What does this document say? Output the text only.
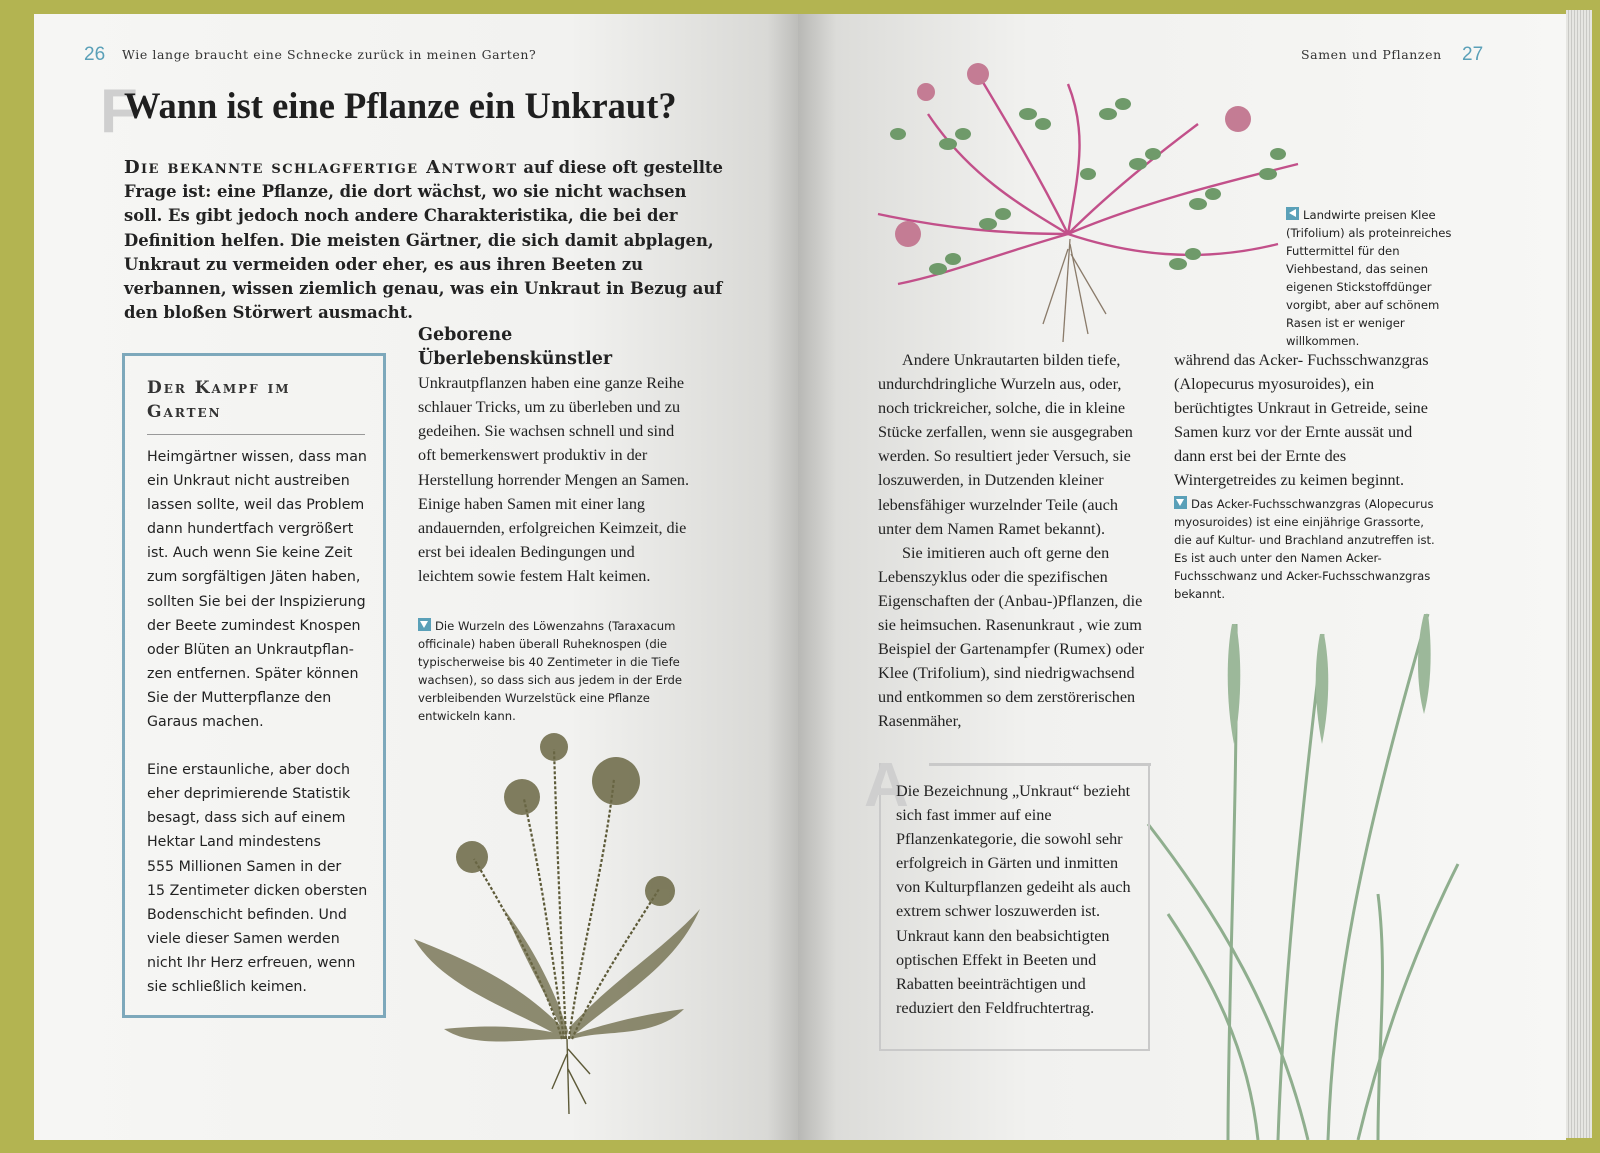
26 Wie lange braucht eine Schnecke zurück in meinen Garten?
F
Wann ist eine Pflanze ein Unkraut?
Die bekannte schlagfertige Antwort auf diese oft gestellte Frage ist: eine Pflanze, die dort wächst, wo sie nicht wachsen soll. Es gibt jedoch noch andere Charakteristika, die bei der Definition helfen. Die meisten Gärtner, die sich damit abplagen, Unkraut zu vermeiden oder eher, es aus ihren Beeten zu verbannen, wissen ziemlich genau, was ein Unkraut in Bezug auf den bloßen Störwert ausmacht.
Der Kampf im Garten
Heimgärtner wissen, dass man
ein Unkraut nicht austreiben
lassen sollte, weil das Problem
dann hundertfach vergrößert
ist. Auch wenn Sie keine Zeit
zum sorgfältigen Jäten haben,
sollten Sie bei der Inspizierung
der Beete zumindest Knospen
oder Blüten an Unkrautpflan-
zen entfernen. Später können
Sie der Mutterpflanze den
Garaus machen.
Eine erstaunliche, aber doch
eher deprimierende Statistik
besagt, dass sich auf einem
Hektar Land mindestens
555 Millionen Samen in der
15 Zentimeter dicken obersten
Bodenschicht befinden. Und
viele dieser Samen werden
nicht Ihr Herz erfreuen, wenn
sie schließlich keimen.
Geborene Überlebenskünstler

Unkrautpflanzen haben eine ganze Reihe schlauer Tricks, um zu überleben und zu gedeihen. Sie wachsen schnell und sind oft bemerkenswert produktiv in der Herstellung horrender Mengen an Samen. Einige haben Samen mit einer lang andauernden, erfolgreichen Keimzeit, die erst bei idealen Bedingungen und leichtem sowie festem Halt keimen.

Die Wurzeln des Löwenzahns (Taraxacum officinale) haben überall Ruheknospen (die typischerweise bis 40 Zentimeter in die Tiefe wachsen), so dass sich aus jedem in der Erde verbleibenden Wurzelstück eine Pflanze entwickeln kann.
Samen und Pflanzen 27
Landwirte preisen Klee (Trifolium) als proteinreiches Futtermittel für den Viehbestand, das seinen eigenen Stickstoffdünger vorgibt, aber auf schönem Rasen ist er weniger willkommen.

Andere Unkrautarten bilden tiefe, undurchdringliche Wurzeln aus, oder, noch trickreicher, solche, die in kleine Stücke zerfallen, wenn sie ausgegraben werden. So resultiert jeder Versuch, sie loszuwerden, in Dutzenden kleiner lebensfähiger wurzelnder Teile (auch unter dem Namen Ramet bekannt).

Sie imitieren auch oft gerne den Lebenszyklus oder die spezifischen Eigenschaften der (Anbau-)Pflanzen, die sie heimsuchen. Rasenunkraut , wie zum Beispiel der Gartenampfer (Rumex) oder Klee (Trifolium), sind niedrigwachsend und entkommen so dem zerstörerischen Rasenmäher,

während das Acker- Fuchsschwanzgras (Alopecurus myosuroides), ein berüchtigtes Unkraut in Getreide, seine Samen kurz vor der Ernte aussät und dann erst bei der Ernte des Wintergetreides zu keimen beginnt.

Das Acker-Fuchsschwanzgras (Alopecurus myosuroides) ist eine einjährige Grassorte, die auf Kultur- und Brachland anzutreffen ist. Es ist auch unter den Namen Acker-Fuchsschwanz und Acker-Fuchsschwanzgras bekannt.
A
Die Bezeichnung „Unkraut“ bezieht sich fast immer auf eine Pflanzenkategorie, die sowohl sehr erfolgreich in Gärten und inmitten von Kulturpflanzen gedeiht als auch extrem schwer loszuwerden ist. Unkraut kann den beabsichtigten optischen Effekt in Beeten und Rabatten beeinträchtigen und reduziert den Feldfruchtertrag.
